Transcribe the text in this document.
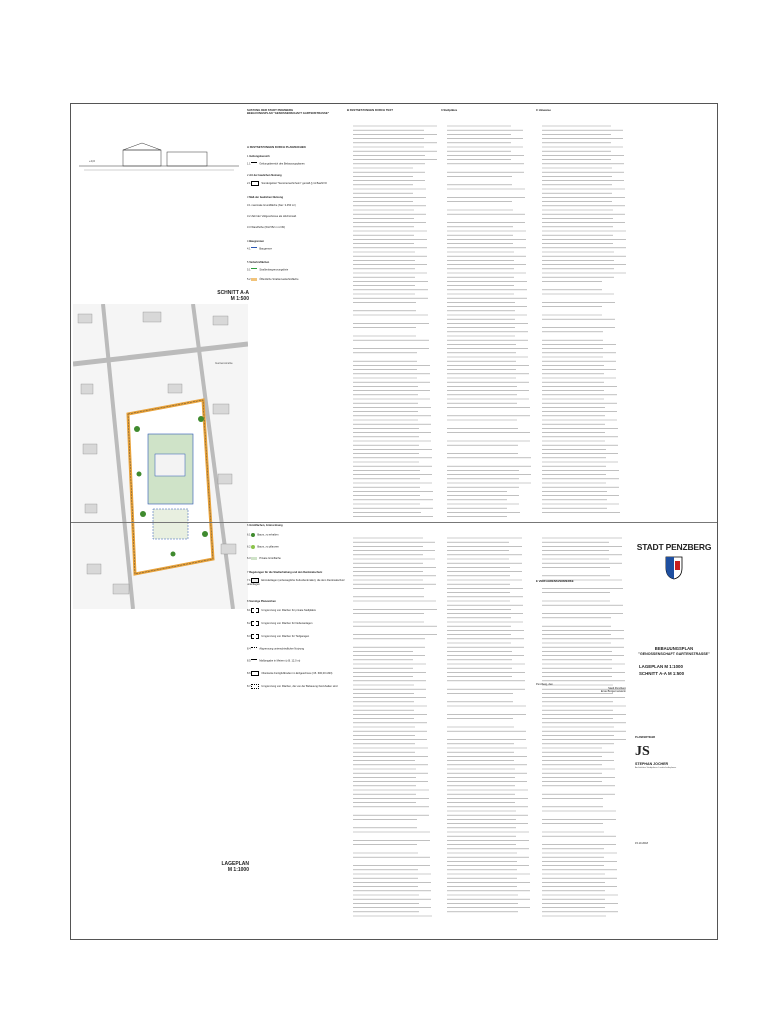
+0,0
SCHNITT A-A
M 1:500
LAGEPLAN
M 1:1000
Gartenstraße
SATZUNG DER STADT PENZBERG
BEBAUUNGSPLAN "GENOSSENSCHAFT GARTENSTRASSE"
A FESTSETZUNGEN DURCH PLANZEICHEN
1 Geltungsbereich
1.1	Geltungsbereich des Bebauungsplanes
2 Art der baulichen Nutzung
2.1	Sondergebiet "Seniorenwohnheim" gemäß § 11 BauNVO
3 Maß der baulichen Nutzung
3.1 maximale Grundfläche (hier: 3.450 m²)
3.2 Zahl der Vollgeschosse als Höchstmaß
3.3 Wandhöhe (WH 552 m ü NN)
4 Baugrenzen
4.1	Baugrenze
5 Verkehrsflächen
5.1	Straßenbegrenzungslinie
5.2	Öffentliche Straßenverkehrsfläche
6 Grünflächen, Grünordnung
6.1	Baum, zu erhalten
6.2	Baum, zu pflanzen
6.3	Private Grünfläche
7 Regelungen für die Stadterhaltung und den Denkmalschutz
7.1	Einzelanlagen (unbewegliche Kulturdenkmäler), die dem Denkmalschutz unterliegen
8 Sonstige Planzeichen
8.1	Umgrenzung von Flächen für private Stellplätze
8.2	Umgrenzung von Flächen für Nebenanlagen
8.3	Umgrenzung von Flächen für Tiefgaragen
8.4	Abgrenzung unterschiedlicher Nutzung
8.5	Maßangabe in Metern (z.B. 12,0 m)
8.6	Oberkante Fertigfußboden im Erdgeschoss (z.B. 600,00 üNN)
8.7	Umgrenzung von Flächen, die von der Bebauung freizuhalten sind
B FESTSETZUNGEN DURCH TEXT	3 Stellplätze	C Hinweise
E VERFAHRENSVERMERKE
Penzberg, den
Stadt Penzberg
Erste Bürgermeisterin
STADT PENZBERG
BEBAUUNGSPLAN
"GENOSSENSCHAFT GARTENSTRASSE"
LAGEPLAN M 1:1000
SCHNITT A-A M 1:500
PLANFERTIGER
JS
STEPHAN JOCHER
Architekten Stadtplaner Landschaftsplaner
15.10.2018
